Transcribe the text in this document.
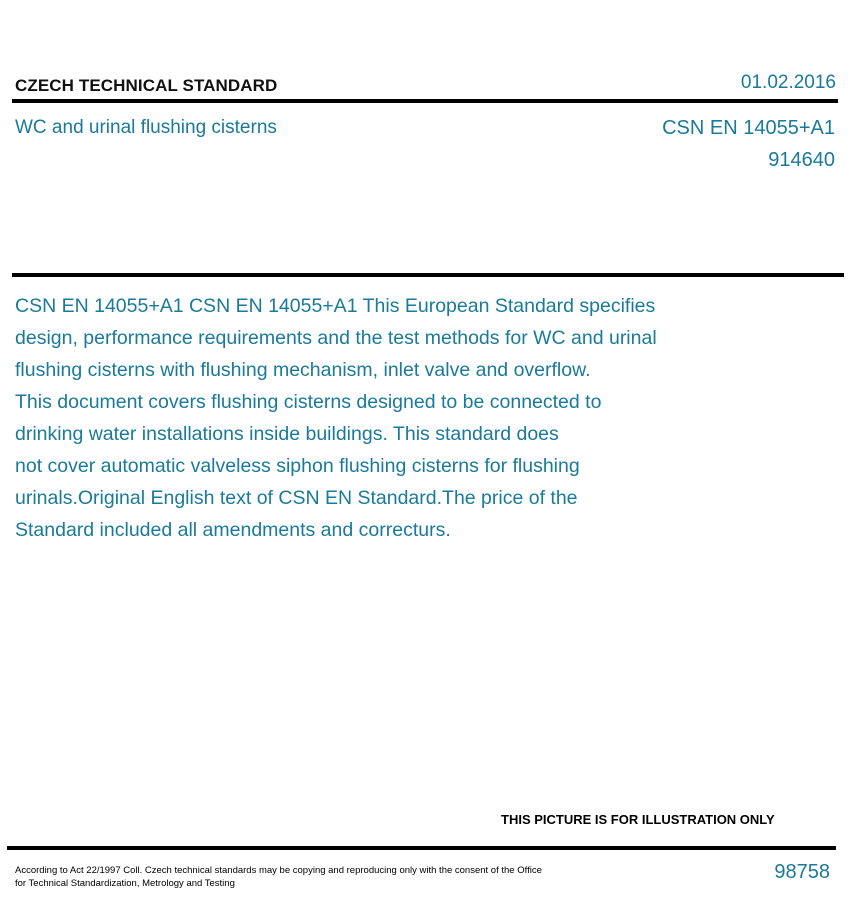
CZECH TECHNICAL STANDARD	01.02.2016
WC and urinal flushing cisterns	CSN EN 14055+A1
914640
CSN EN 14055+A1 CSN EN 14055+A1 This European Standard specifies
design, performance requirements and the test methods for WC and urinal
flushing cisterns with flushing mechanism, inlet valve and overflow.
This document covers flushing cisterns designed to be connected to
drinking water installations inside buildings. This standard does
not cover automatic valveless siphon flushing cisterns for flushing
urinals.Original English text of CSN EN Standard.The price of the
Standard included all amendments and correcturs.
THIS PICTURE IS FOR ILLUSTRATION ONLY
According to Act 22/1997 Coll. Czech technical standards may be copying and reproducing only with the consent of the Office
for Technical Standardization, Metrology and Testing
98758
